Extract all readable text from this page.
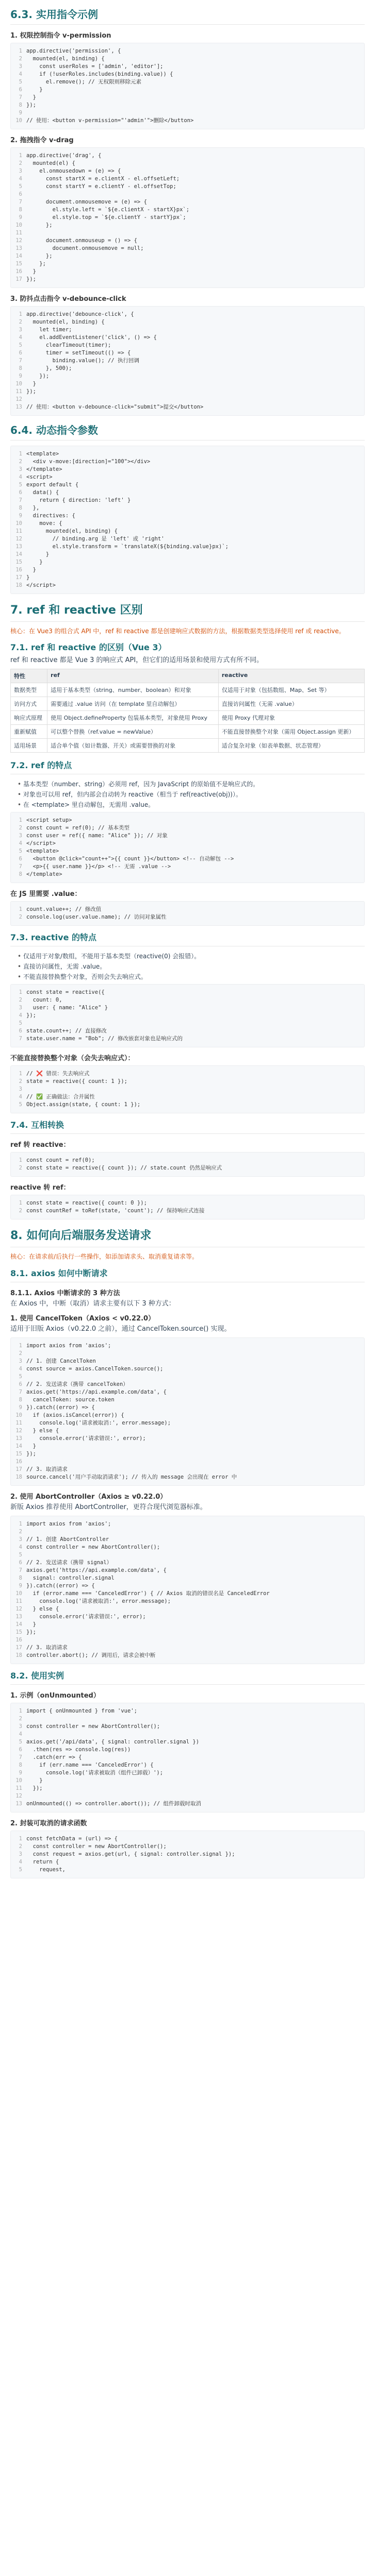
6.3. 实用指令示例
1. 权限控制指令 v-permission
1 app.directive('permission', {
2  mounted(el, binding) {
3	const userRoles = ['admin', 'editor'];
4	if (!userRoles.includes(binding.value)) {
5	el.remove(); // 无权限则移除元素
6	}
7  }
8 });
9
10 // 使用：<button v-permission="'admin'">删除</button>
2. 拖拽指令 v-drag
1 app.directive('drag', {
2  mounted(el) {
3	el.onmousedown = (e) => {
4	const startX = e.clientX - el.offsetLeft;
5	const startY = e.clientY - el.offsetTop;
6
7	document.onmousemove = (e) => {
8	el.style.left = `${e.clientX - startX}px`;
9	el.style.top = `${e.clientY - startY}px`;
10	};
11
12	document.onmouseup = () => {
13	document.onmousemove = null;
14	};
15	};
16  }
17 });
3. 防抖点击指令 v-debounce-click
1 app.directive('debounce-click', {
2  mounted(el, binding) {
3	let timer;
4	el.addEventListener('click', () => {
5	clearTimeout(timer);
6	timer = setTimeout(() => {
7	binding.value(); // 执行回调
8	}, 500);
9	});
10  }
11 });
12
13 // 使用：<button v-debounce-click="submit">提交</button>
6.4. 动态指令参数
1 <template>
2  <div v-move:[direction]="100"></div>
3 </template>
4 <script>
5 export default {
6  data() {
7	return { direction: 'left' }
8  },
9  directives: {
10	move: {
11	mounted(el, binding) {
12	// binding.arg 是 'left' 或 'right'
13	el.style.transform = `translateX(${binding.value}px)`;
14	}
15	}
16  }
17 }
18 </script>
7. ref 和 reactive 区别

核心：在 Vue3 的组合式 API 中，ref 和 reactive 都是创建响应式数据的方法，根据数据类型选择使用 ref 或 reactive。

7.1. ref 和 reactive 的区别（Vue 3）

ref 和 reactive 都是 Vue 3 的响应式 API，但它们的适用场景和使用方式有所不同。

特性	ref	reactive
数据类型	适用于基本类型（string、number、boolean）和对象	仅适用于对象（包括数组、Map、Set 等）
访问方式	需要通过 .value 访问（在 template 里自动解包）	直接访问属性（无需 .value）
响应式原理	使用 Object.defineProperty 包装基本类型，对象使用 Proxy	使用 Proxy 代理对象
重新赋值	可以整个替换（ref.value = newValue）	不能直接替换整个对象（需用 Object.assign 更新）
适用场景	适合单个值（如计数器、开关）或需要替换的对象	适合复杂对象（如表单数据、状态管理）
7.2. ref 的特点
• 基本类型（number、string）必须用 ref，因为 JavaScript 的原始值不是响应式的。
• 对象也可以用 ref，但内部会自动转为 reactive（相当于 ref(reactive(obj))）。
• 在 <template> 里自动解包，无需用 .value。
1 <script setup>
2 const count = ref(0); // 基本类型
3 const user = ref({ name: "Alice" }); // 对象
4 </script>
5 <template>
6  <button @click="count++">{{ count }}</button> <!-- 自动解包 -->
7  <p>{{ user.name }}</p> <!-- 无需 .value -->
8 </template>
在 JS 里需要 .value：
1 count.value++; // 修改值
2 console.log(user.value.name); // 访问对象属性
7.3. reactive 的特点
• 仅适用于对象/数组，不能用于基本类型（reactive(0) 会报错）。
• 直接访问属性，无需 .value。
• 不能直接替换整个对象，否则会失去响应式。
1 const state = reactive({
2  count: 0,
3  user: { name: "Alice" }
4 });
5
6 state.count++; // 直接修改
7 state.user.name = "Bob"; // 修改嵌套对象也是响应式的
不能直接替换整个对象（会失去响应式）：
1 // ❌ 错误：失去响应式
2 state = reactive({ count: 1 });
3
4 // ✅ 正确做法：合并属性
5 Object.assign(state, { count: 1 });
7.4. 互相转换
ref 转 reactive：
1 const count = ref(0);
2 const state = reactive({ count }); // state.count 仍然是响应式
reactive 转 ref：
1 const state = reactive({ count: 0 });
2 const countRef = toRef(state, 'count'); // 保持响应式连接
8. 如何向后端服务发送请求

核心：在请求前/后执行一些操作，如添加请求头、取消重复请求等。

8.1. axios 如何中断请求
8.1.1. Axios 中断请求的 3 种方法

在 Axios 中，中断（取消）请求主要有以下 3 种方式：

1. 使用 CancelToken（Axios < v0.22.0）

适用于旧版 Axios（v0.22.0 之前），通过 CancelToken.source() 实现。

1 import axios from 'axios';
2
3 // 1. 创建 CancelToken
4 const source = axios.CancelToken.source();
5
6 // 2. 发送请求（携带 cancelToken）
7 axios.get('https://api.example.com/data', {
8  cancelToken: source.token
9 }).catch((error) => {
10  if (axios.isCancel(error)) {
11	console.log('请求被取消:', error.message);
12  } else {
13	console.error('请求错误:', error);
14  }
15 });
16
17 // 3. 取消请求
18 source.cancel('用户手动取消请求'); // 传入的 message 会出现在 error 中
2. 使用 AbortController（Axios ≥ v0.22.0）

新版 Axios 推荐使用 AbortController，更符合现代浏览器标准。

1 import axios from 'axios';
2
3 // 1. 创建 AbortController
4 const controller = new AbortController();
5
6 // 2. 发送请求（携带 signal）
7 axios.get('https://api.example.com/data', {
8  signal: controller.signal
9 }).catch((error) => {
10  if (error.name === 'CanceledError') { // Axios 取消的错误名是 CanceledError
11	console.log('请求被取消:', error.message);
12  } else {
13	console.error('请求错误:', error);
14  }
15 });
16
17 // 3. 取消请求
18 controller.abort(); // 调用后，请求会被中断
8.2. 使用实例
1. 示例（onUnmounted）
1 import { onUnmounted } from 'vue';
2
3 const controller = new AbortController();
4
5 axios.get('/api/data', { signal: controller.signal })
6  .then(res => console.log(res))
7  .catch(err => {
8	if (err.name === 'CanceledError') {
9	console.log('请求被取消（组件已卸载）');
10	}
11  });
12
13 onUnmounted(() => controller.abort()); // 组件卸载时取消
2. 封装可取消的请求函数
1 const fetchData = (url) => {
2  const controller = new AbortController();
3  const request = axios.get(url, { signal: controller.signal });
4  return {
5    request,
